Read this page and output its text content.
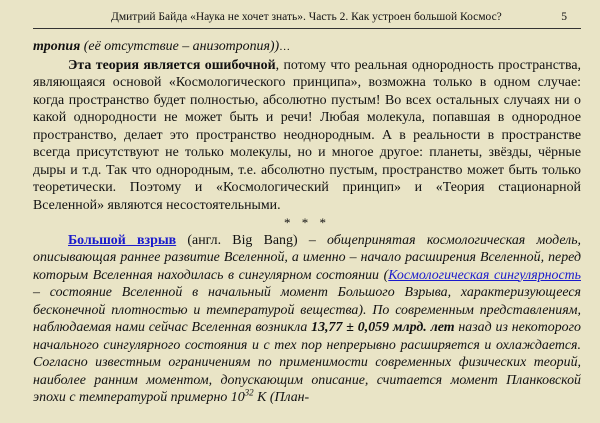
Дмитрий Байда «Наука не хочет знать». Часть 2. Как устроен большой Космос?	5

тропия (её отсутствие – анизотропия))…

Эта теория является ошибочной, потому что реальная однородность пространства, являющаяся основой «Космологического принципа», возможна только в одном случае: когда пространство будет полностью, абсолютно пустым! Во всех остальных случаях ни о какой однородности не может быть и речи! Любая молекула, попавшая в однородное пространство, делает это пространство неоднородным. А в реальности в пространстве всегда присутствуют не только молекулы, но и многое другое: планеты, звёзды, чёрные дыры и т.д. Так что однородным, т.е. абсолютно пустым, пространство может быть только теоретически. Поэтому и «Космологический принцип» и «Теория стационарной Вселенной» являются несостоятельными.

* * *

Большой взрыв (англ. Big Bang) – общепринятая космологическая модель, описывающая раннее развитие Вселенной, а именно – начало расширения Вселенной, перед которым Вселенная находилась в сингулярном состоянии (Космологическая сингулярность – состояние Вселенной в начальный момент Большого Взрыва, характеризующееся бесконечной плотностью и температурой вещества). По современным представлениям, наблюдаемая нами сейчас Вселенная возникла 13,77 ± 0,059 млрд. лет назад из некоторого начального сингулярного состояния и с тех пор непрерывно расширяется и охлаждается. Согласно известным ограничениям по применимости современных физических теорий, наиболее ранним моментом, допускающим описание, считается момент Планковской эпохи с температурой примерно $10^{32}$ К (План-
